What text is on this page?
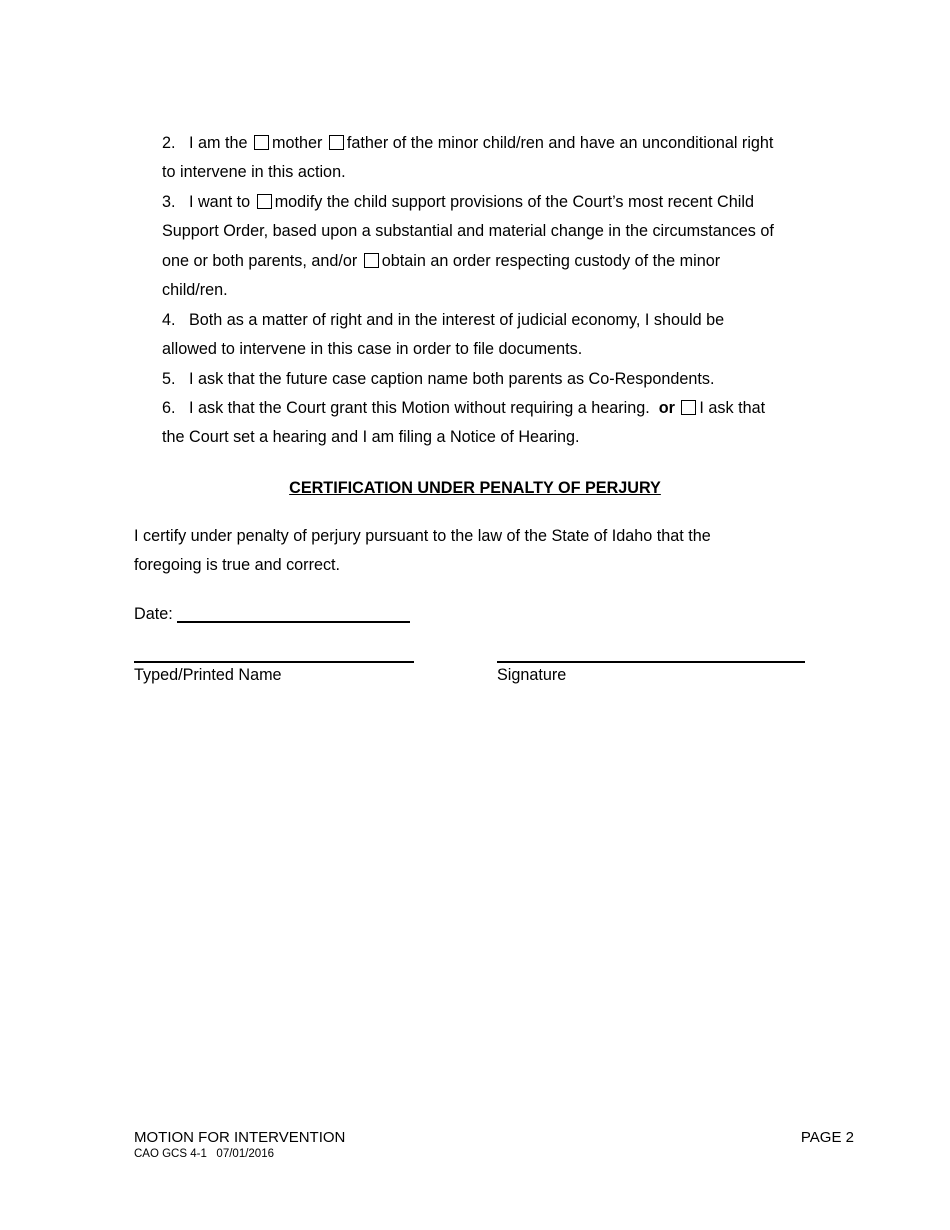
2. I am the mother father of the minor child/ren and have an unconditional right
to intervene in this action.
3. I want to modify the child support provisions of the Court’s most recent Child
Support Order, based upon a substantial and material change in the circumstances of
one or both parents, and/or obtain an order respecting custody of the minor
child/ren.
4. Both as a matter of right and in the interest of judicial economy, I should be
allowed to intervene in this case in order to file documents.
5. I ask that the future case caption name both parents as Co-Respondents.
6. I ask that the Court grant this Motion without requiring a hearing. or I ask that
the Court set a hearing and I am filing a Notice of Hearing.
CERTIFICATION UNDER PENALTY OF PERJURY
I certify under penalty of perjury pursuant to the law of the State of Idaho that the
foregoing is true and correct.
Date:
Typed/Printed Name	Signature
MOTION FOR INTERVENTION
CAO GCS 4-1   07/01/2016
PAGE 2
